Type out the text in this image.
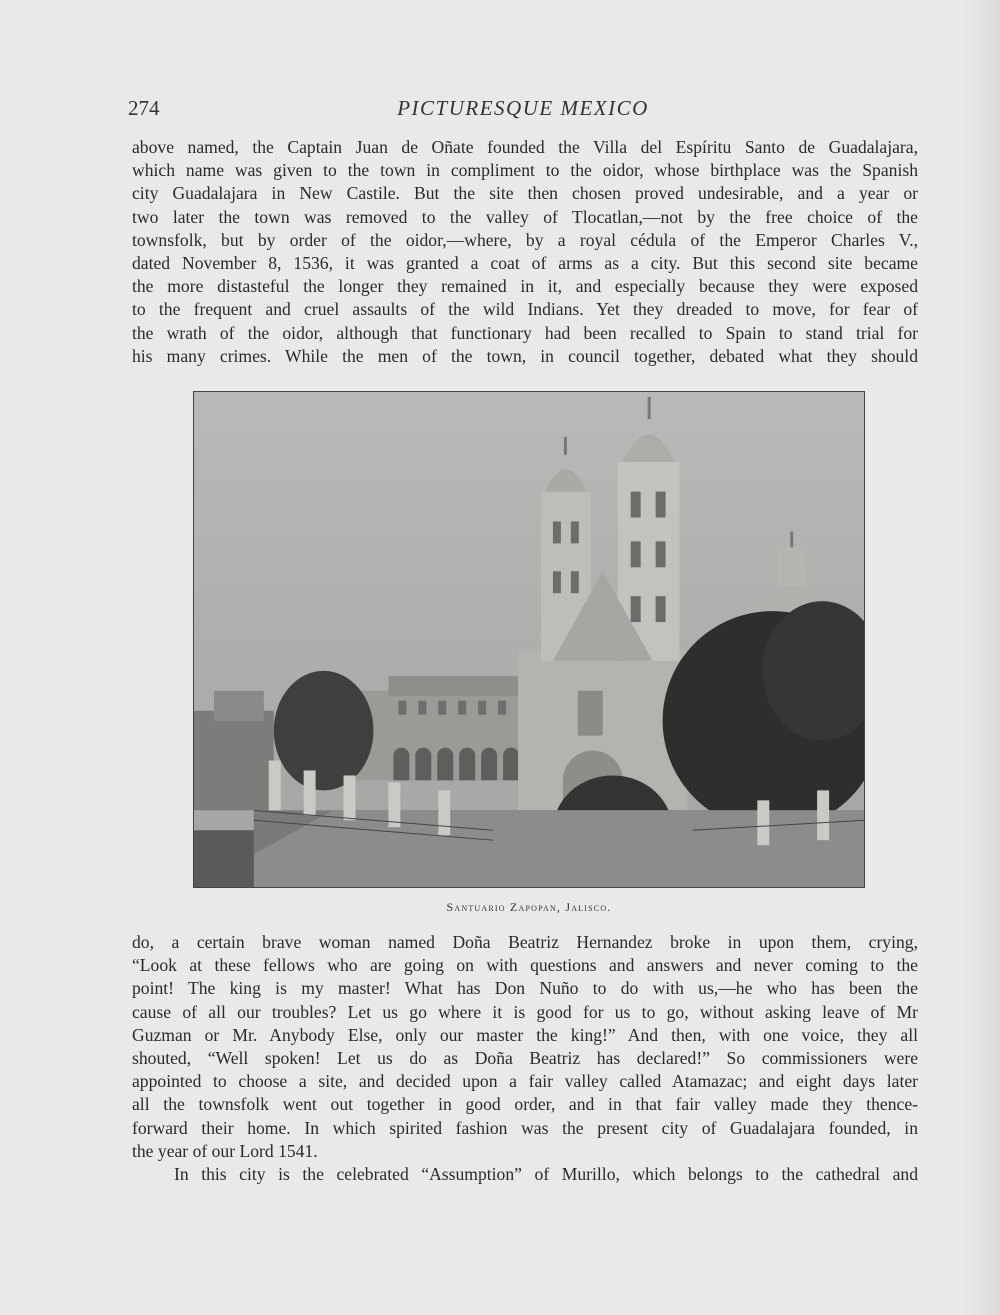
274	PICTURESQUE MEXICO
above named, the Captain Juan de Oñate founded the Villa del Espíritu Santo de Guadalajara,
which name was given to the town in compliment to the oidor, whose birthplace was the Spanish
city Guadalajara in New Castile. But the site then chosen proved undesirable, and a year or
two later the town was removed to the valley of Tlocatlan,—not by the free choice of the
townsfolk, but by order of the oidor,—where, by a royal cédula of the Emperor Charles V.,
dated November 8, 1536, it was granted a coat of arms as a city. But this second site became
the more distasteful the longer they remained in it, and especially because they were exposed
to the frequent and cruel assaults of the wild Indians. Yet they dreaded to move, for fear of
the wrath of the oidor, although that functionary had been recalled to Spain to stand trial for
his many crimes. While the men of the town, in council together, debated what they should
Santuario Zapopan, Jalisco.
do, a certain brave woman named Doña Beatriz Hernandez broke in upon them, crying,
“Look at these fellows who are going on with questions and answers and never coming to the
point! The king is my master! What has Don Nuño to do with us,—he who has been the
cause of all our troubles? Let us go where it is good for us to go, without asking leave of Mr
Guzman or Mr. Anybody Else, only our master the king!” And then, with one voice, they all
shouted, “Well spoken! Let us do as Doña Beatriz has declared!” So commissioners were
appointed to choose a site, and decided upon a fair valley called Atamazac; and eight days later
all the townsfolk went out together in good order, and in that fair valley made they thence-
forward their home. In which spirited fashion was the present city of Guadalajara founded, in
the year of our Lord 1541.
In this city is the celebrated “Assumption” of Murillo, which belongs to the cathedral and
